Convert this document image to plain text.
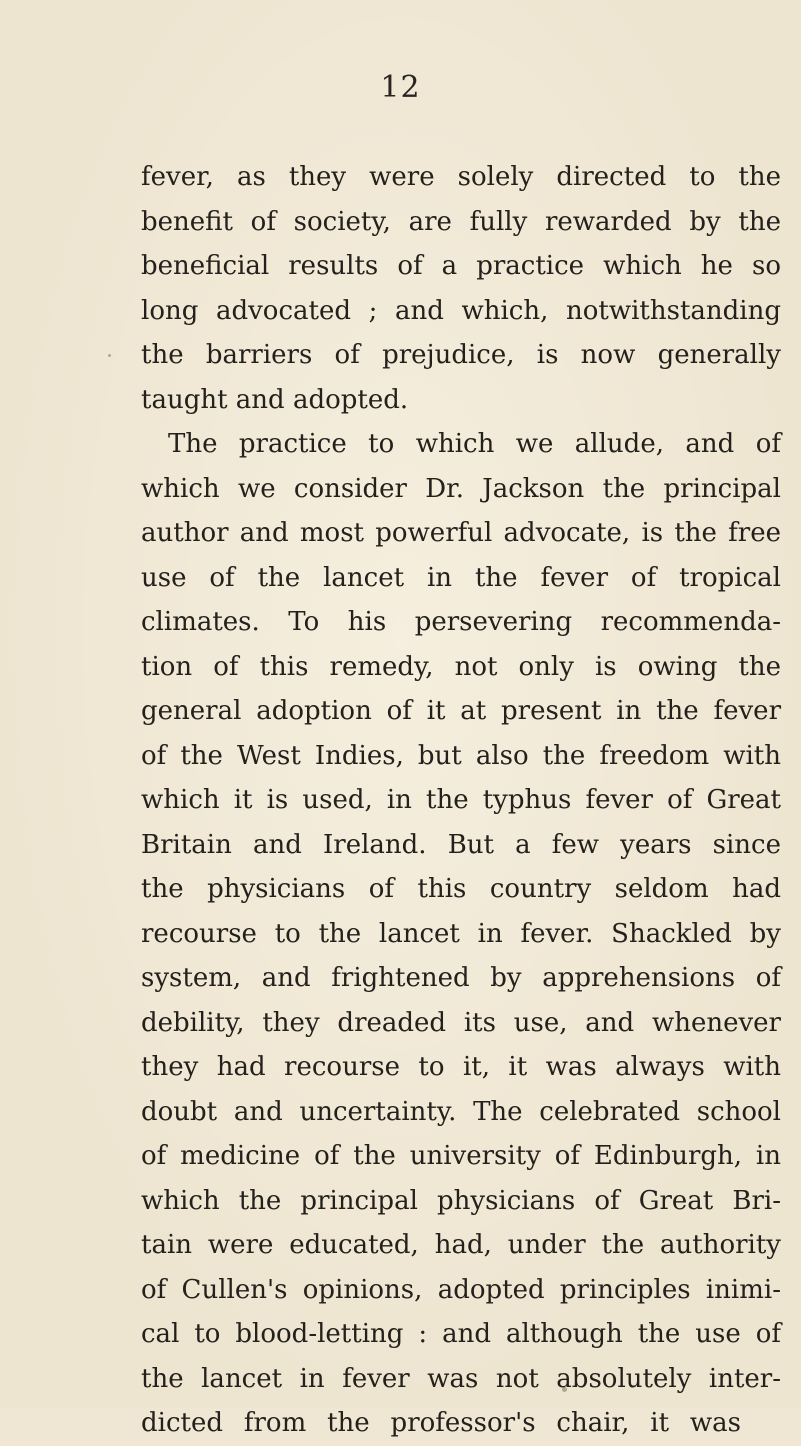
12
fever, as they were solely directed to the
benefit of society, are fully rewarded by the
beneficial results of a practice which he so
long advocated ; and which, notwithstanding
the barriers of prejudice, is now generally
taught and adopted.
The practice to which we allude, and of
which we consider Dr. Jackson the principal
author and most powerful advocate, is the free
use of the lancet in the fever of tropical
climates. To his persevering recommenda-
tion of this remedy, not only is owing the
general adoption of it at present in the fever
of the West Indies, but also the freedom with
which it is used, in the typhus fever of Great
Britain and Ireland. But a few years since
the physicians of this country seldom had
recourse to the lancet in fever. Shackled by
system, and frightened by apprehensions of
debility, they dreaded its use, and whenever
they had recourse to it, it was always with
doubt and uncertainty. The celebrated school
of medicine of the university of Edinburgh, in
which the principal physicians of Great Bri-
tain were educated, had, under the authority
of Cullen's opinions, adopted principles inimi-
cal to blood-letting : and although the use of
the lancet in fever was not absolutely inter-
dicted from the professor's chair, it was
